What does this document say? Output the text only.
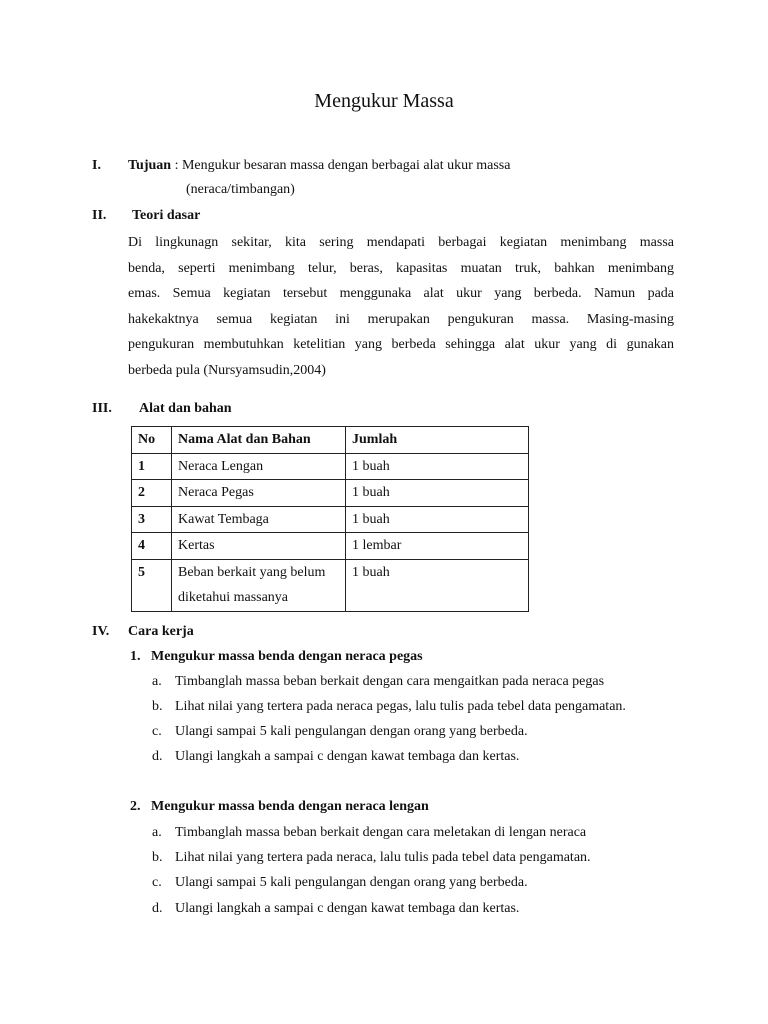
Mengukur Massa
I. Tujuan : Mengukur besaran massa dengan berbagai alat ukur massa
(neraca/timbangan)
II. Teori dasar
Di lingkunagn sekitar, kita sering mendapati berbagai kegiatan menimbang massa
benda, seperti menimbang telur, beras, kapasitas muatan truk, bahkan menimbang
emas. Semua kegiatan tersebut menggunaka alat ukur yang berbeda. Namun pada
hakekaktnya semua kegiatan ini merupakan pengukuran massa. Masing-masing
pengukuran membutuhkan ketelitian yang berbeda sehingga alat ukur yang di gunakan
berbeda pula (Nursyamsudin,2004)
III. Alat dan bahan
No	Nama Alat dan Bahan	Jumlah
1	Neraca Lengan	1 buah
2	Neraca Pegas	1 buah
3	Kawat Tembaga	1 buah
4	Kertas	1 lembar
5	Beban berkait yang belum
diketahui massanya	1 buah
IV. Cara kerja
1. Mengukur massa benda dengan neraca pegas
a. Timbanglah massa beban berkait dengan cara mengaitkan pada neraca pegas
b. Lihat nilai yang tertera pada neraca pegas, lalu tulis pada tebel data pengamatan.
c. Ulangi sampai 5 kali pengulangan dengan orang yang berbeda.
d. Ulangi langkah a sampai c dengan kawat tembaga dan kertas.
2. Mengukur massa benda dengan neraca lengan
a. Timbanglah massa beban berkait dengan cara meletakan di lengan neraca
b. Lihat nilai yang tertera pada neraca, lalu tulis pada tebel data pengamatan.
c. Ulangi sampai 5 kali pengulangan dengan orang yang berbeda.
d. Ulangi langkah a sampai c dengan kawat tembaga dan kertas.
